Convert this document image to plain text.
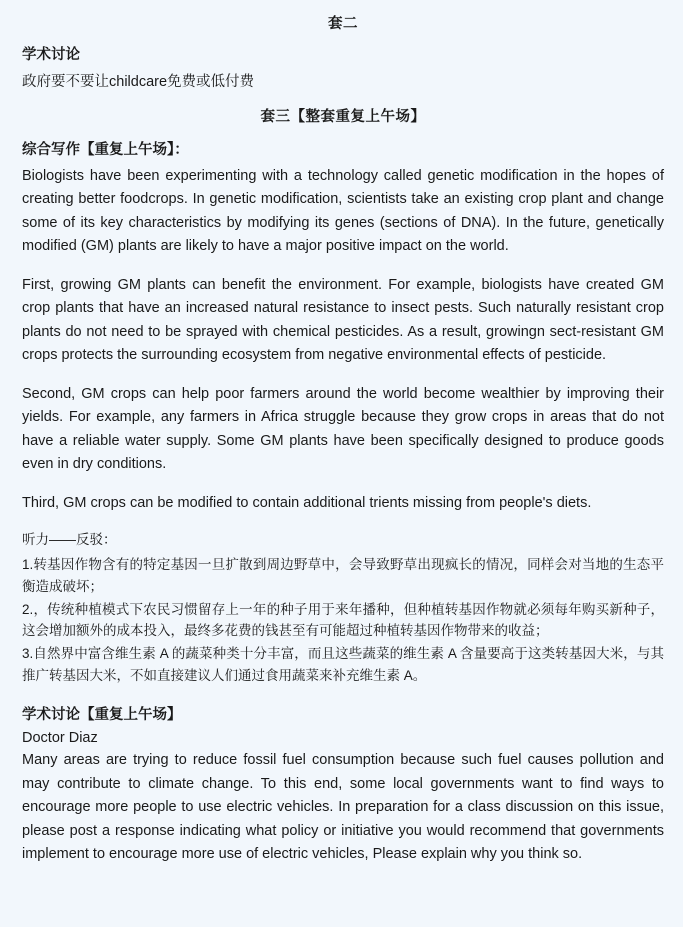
套二
学术讨论
政府要不要让childcare免费或低付费
套三【整套重复上午场】
综合写作【重复上午场】：
Biologists have been experimenting with a technology called genetic modification in the hopes of creating better foodcrops. In genetic modification, scientists take an existing crop plant and change some of its key characteristics by modifying its genes (sections of DNA). In the future, genetically modified (GM) plants are likely to have a major positive impact on the world.
First, growing GM plants can benefit the environment. For example, biologists have created GM crop plants that have an increased natural resistance to insect pests. Such naturally resistant crop plants do not need to be sprayed with chemical pesticides. As a result, growingn sect-resistant GM crops protects the surrounding ecosystem from negative environmental effects of pesticide.
Second, GM crops can help poor farmers around the world become wealthier by improving their yields. For example, any farmers in Africa struggle because they grow crops in areas that do not have a reliable water supply. Some GM plants have been specifically designed to produce goods even in dry conditions.
Third, GM crops can be modified to contain additional trients missing from people's diets.
听力——反驳：
1.转基因作物含有的特定基因一旦扩散到周边野草中，会导致野草出现疯长的情况，同样会对当地的生态平衡造成破坏；
2.，传统种植模式下农民习惯留存上一年的种子用于来年播种，但种植转基因作物就必须每年购买新种子，这会增加额外的成本投入，最终多花费的钱甚至有可能超过种植转基因作物带来的收益；
3.自然界中富含维生素 A 的蔬菜种类十分丰富，而且这些蔬菜的维生素 A 含量要高于这类转基因大米，与其推广转基因大米，不如直接建议人们通过食用蔬菜来补充维生素 A。
学术讨论【重复上午场】
Doctor Diaz
Many areas are trying to reduce fossil fuel consumption because such fuel causes pollution and may contribute to climate change. To this end, some local governments want to find ways to encourage more people to use electric vehicles. In preparation for a class discussion on this issue, please post a response indicating what policy or initiative you would recommend that governments implement to encourage more use of electric vehicles, Please explain why you think so.
